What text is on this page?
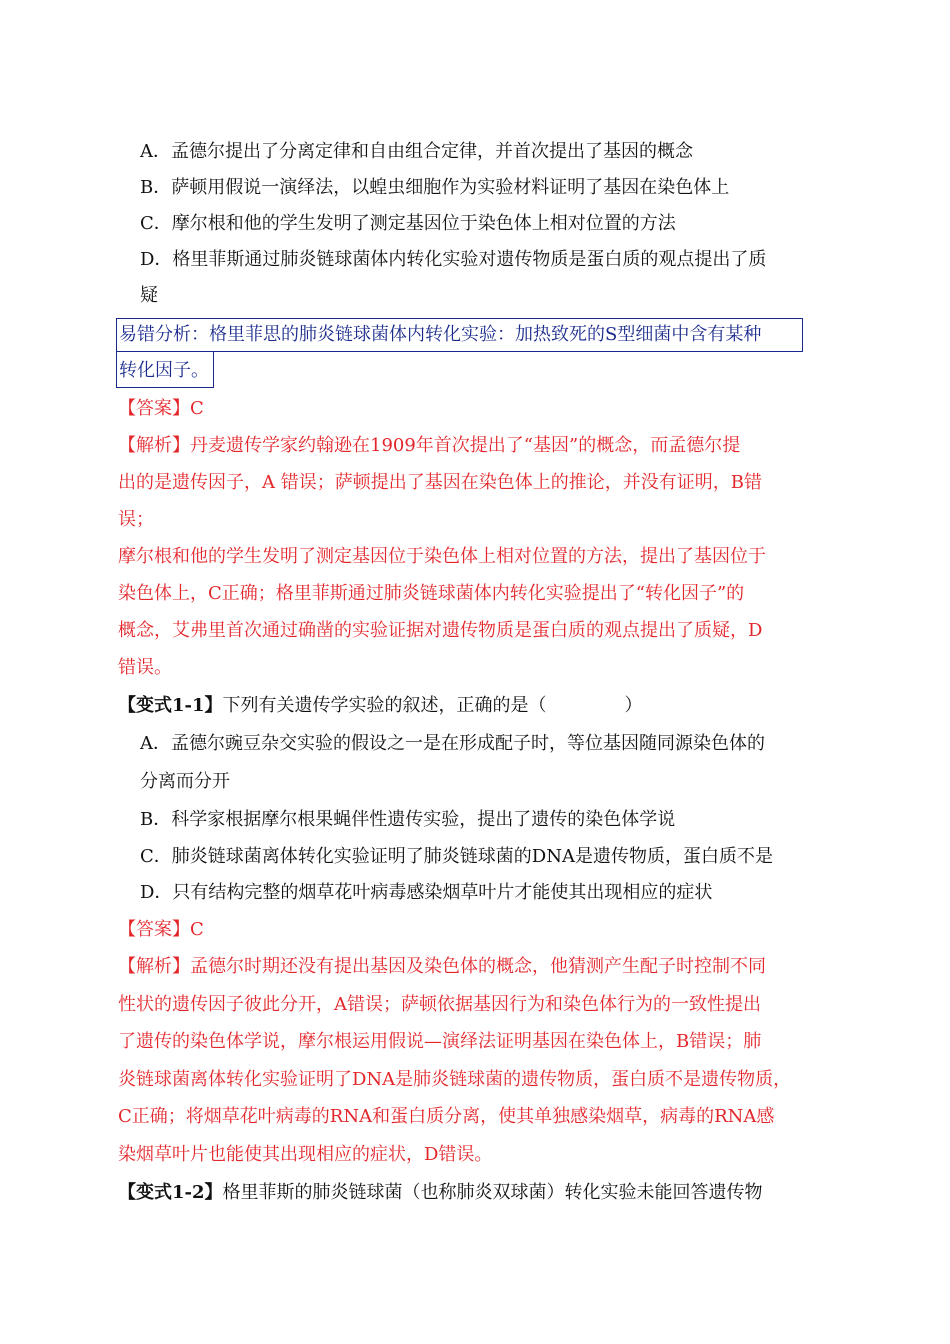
A．孟德尔提出了分离定律和自由组合定律，并首次提出了基因的概念
B．萨顿用假说一演绎法，以蝗虫细胞作为实验材料证明了基因在染色体上
C．摩尔根和他的学生发明了测定基因位于染色体上相对位置的方法
D．格里菲斯通过肺炎链球菌体内转化实验对遗传物质是蛋白质的观点提出了质
疑
易错分析：格里菲思的肺炎链球菌体内转化实验：加热致死的S型细菌中含有某种
转化因子。
【答案】C
【解析】丹麦遗传学家约翰逊在1909年首次提出了“基因”的概念，而孟德尔提
出的是遗传因子，A 错误；萨顿提出了基因在染色体上的推论，并没有证明，B错
误；
摩尔根和他的学生发明了测定基因位于染色体上相对位置的方法，提出了基因位于
染色体上，C正确；格里菲斯通过肺炎链球菌体内转化实验提出了“转化因子”的
概念，艾弗里首次通过确凿的实验证据对遗传物质是蛋白质的观点提出了质疑，D
错误。
【变式1-1】下列有关遗传学实验的叙述，正确的是（	）
A．孟德尔豌豆杂交实验的假设之一是在形成配子时，等位基因随同源染色体的
分离而分开
B．科学家根据摩尔根果蝇伴性遗传实验，提出了遗传的染色体学说
C．肺炎链球菌离体转化实验证明了肺炎链球菌的DNA是遗传物质，蛋白质不是
D．只有结构完整的烟草花叶病毒感染烟草叶片才能使其出现相应的症状
【答案】C
【解析】孟德尔时期还没有提出基因及染色体的概念，他猜测产生配子时控制不同
性状的遗传因子彼此分开，A错误；萨顿依据基因行为和染色体行为的一致性提出
了遗传的染色体学说，摩尔根运用假说—演绎法证明基因在染色体上，B错误；肺
炎链球菌离体转化实验证明了DNA是肺炎链球菌的遗传物质，蛋白质不是遗传物质，
C正确；将烟草花叶病毒的RNA和蛋白质分离，使其单独感染烟草，病毒的RNA感
染烟草叶片也能使其出现相应的症状，D错误。
【变式1-2】格里菲斯的肺炎链球菌（也称肺炎双球菌）转化实验未能回答遗传物
